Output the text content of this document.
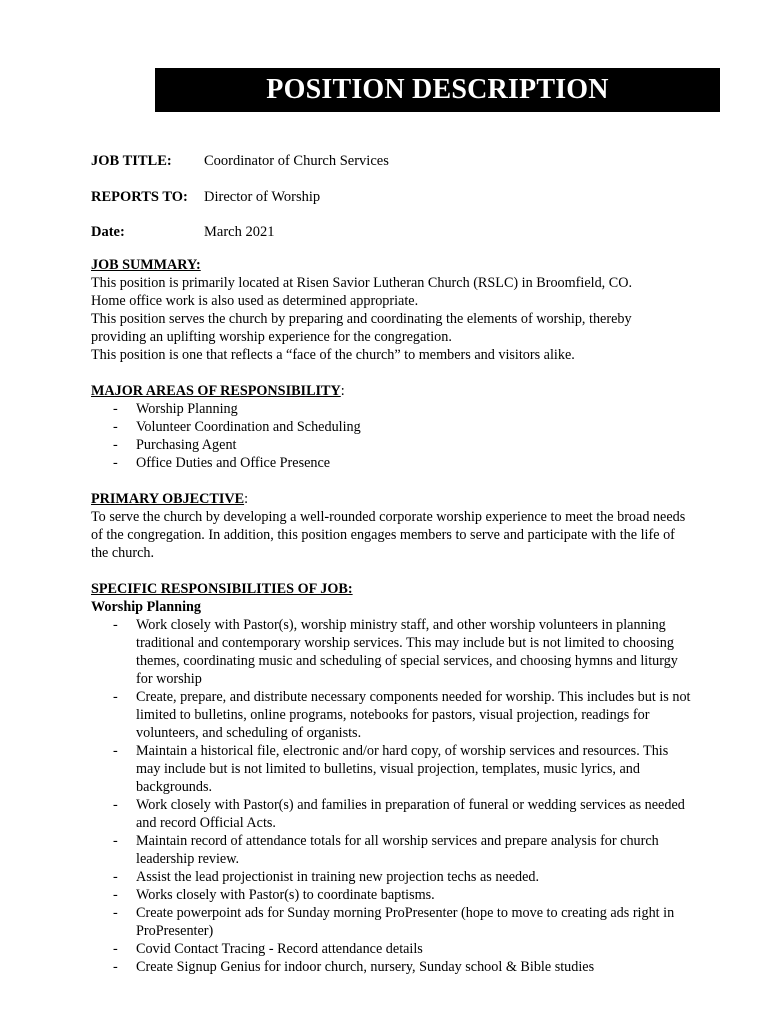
POSITION DESCRIPTION
JOB TITLE: Coordinator of Church Services
REPORTS TO: Director of Worship
Date:	March 2021
JOB SUMMARY:

This position is primarily located at Risen Savior Lutheran Church (RSLC) in Broomfield, CO.

Home office work is also used as determined appropriate.

This position serves the church by preparing and coordinating the elements of worship, thereby

providing an uplifting worship experience for the congregation.

This position is one that reflects a “face of the church” to members and visitors alike.

MAJOR AREAS OF RESPONSIBILITY:
- Worship Planning
- Volunteer Coordination and Scheduling
- Purchasing Agent
- Office Duties and Office Presence
PRIMARY OBJECTIVE:

To serve the church by developing a well-rounded corporate worship experience to meet the broad needs of the congregation. In addition, this position engages members to serve and participate with the life of the church.

SPECIFIC RESPONSIBILITIES OF JOB:
Worship Planning
- Work closely with Pastor(s), worship ministry staff, and other worship volunteers in planning traditional and contemporary worship services. This may include but is not limited to choosing themes, coordinating music and scheduling of special services, and choosing hymns and liturgy for worship
- Create, prepare, and distribute necessary components needed for worship. This includes but is not limited to bulletins, online programs, notebooks for pastors, visual projection, readings for volunteers, and scheduling of organists.
- Maintain a historical file, electronic and/or hard copy, of worship services and resources. This may include but is not limited to bulletins, visual projection, templates, music lyrics, and backgrounds.
- Work closely with Pastor(s) and families in preparation of funeral or wedding services as needed and record Official Acts.
- Maintain record of attendance totals for all worship services and prepare analysis for church leadership review.
- Assist the lead projectionist in training new projection techs as needed.
- Works closely with Pastor(s) to coordinate baptisms.
- Create powerpoint ads for Sunday morning ProPresenter (hope to move to creating ads right in ProPresenter)
- Covid Contact Tracing - Record attendance details
- Create Signup Genius for indoor church, nursery, Sunday school & Bible studies
